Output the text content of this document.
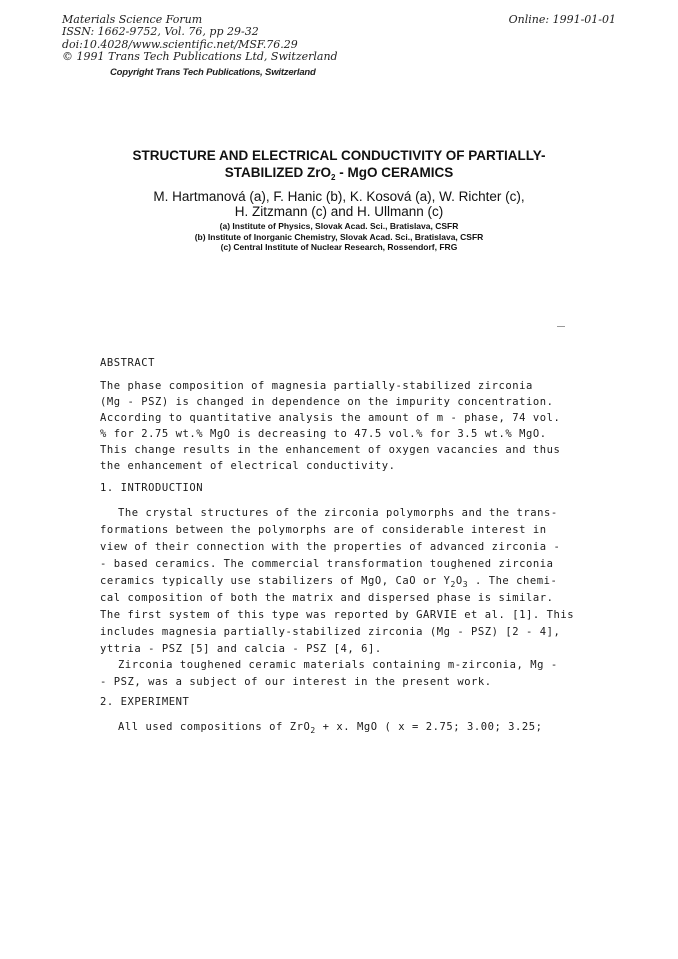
Materials Science Forum
ISSN: 1662-9752, Vol. 76, pp 29-32
doi:10.4028/www.scientific.net/MSF.76.29
© 1991 Trans Tech Publications Ltd, Switzerland
Online: 1991-01-01
Copyright Trans Tech Publications, Switzerland
STRUCTURE AND ELECTRICAL CONDUCTIVITY OF PARTIALLY-
STABILIZED ZrO$_2$ - MgO CERAMICS
M. Hartmanová (a), F. Hanic (b), K. Kosová (a), W. Richter (c),
H. Zitzmann (c) and H. Ullmann (c)
(a) Institute of Physics, Slovak Acad. Sci., Bratislava, CSFR
(b) Institute of Inorganic Chemistry, Slovak Acad. Sci., Bratislava, CSFR
(c) Central Institute of Nuclear Research, Rossendorf, FRG
ABSTRACT
The phase composition of magnesia partially-stabilized zirconia
(Mg - PSZ) is changed in dependence on the impurity concentration.
According to quantitative analysis the amount of m - phase, 74 vol.
% for 2.75 wt.% MgO is decreasing to 47.5 vol.% for 3.5 wt.% MgO.
This change results in the enhancement of oxygen vacancies and thus
the enhancement of electrical conductivity.
1. INTRODUCTION
The crystal structures of the zirconia polymorphs and the trans-
formations between the polymorphs are of considerable interest in
view of their connection with the properties of advanced zirconia -
- based ceramics. The commercial transformation toughened zirconia
ceramics typically use stabilizers of MgO, CaO or $Y_2O_3$ . The chemi-
cal composition of both the matrix and dispersed phase is similar.
The first system of this type was reported by GARVIE et al. [1]. This
includes magnesia partially-stabilized zirconia (Mg - PSZ) [2 - 4],
yttria - PSZ [5] and calcia - PSZ [4, 6].
Zirconia toughened ceramic materials containing m-zirconia, Mg -
- PSZ, was a subject of our interest in the present work.
2. EXPERIMENT
All used compositions of ZrO$_2$ + x. MgO ( x = 2.75; 3.00; 3.25;
